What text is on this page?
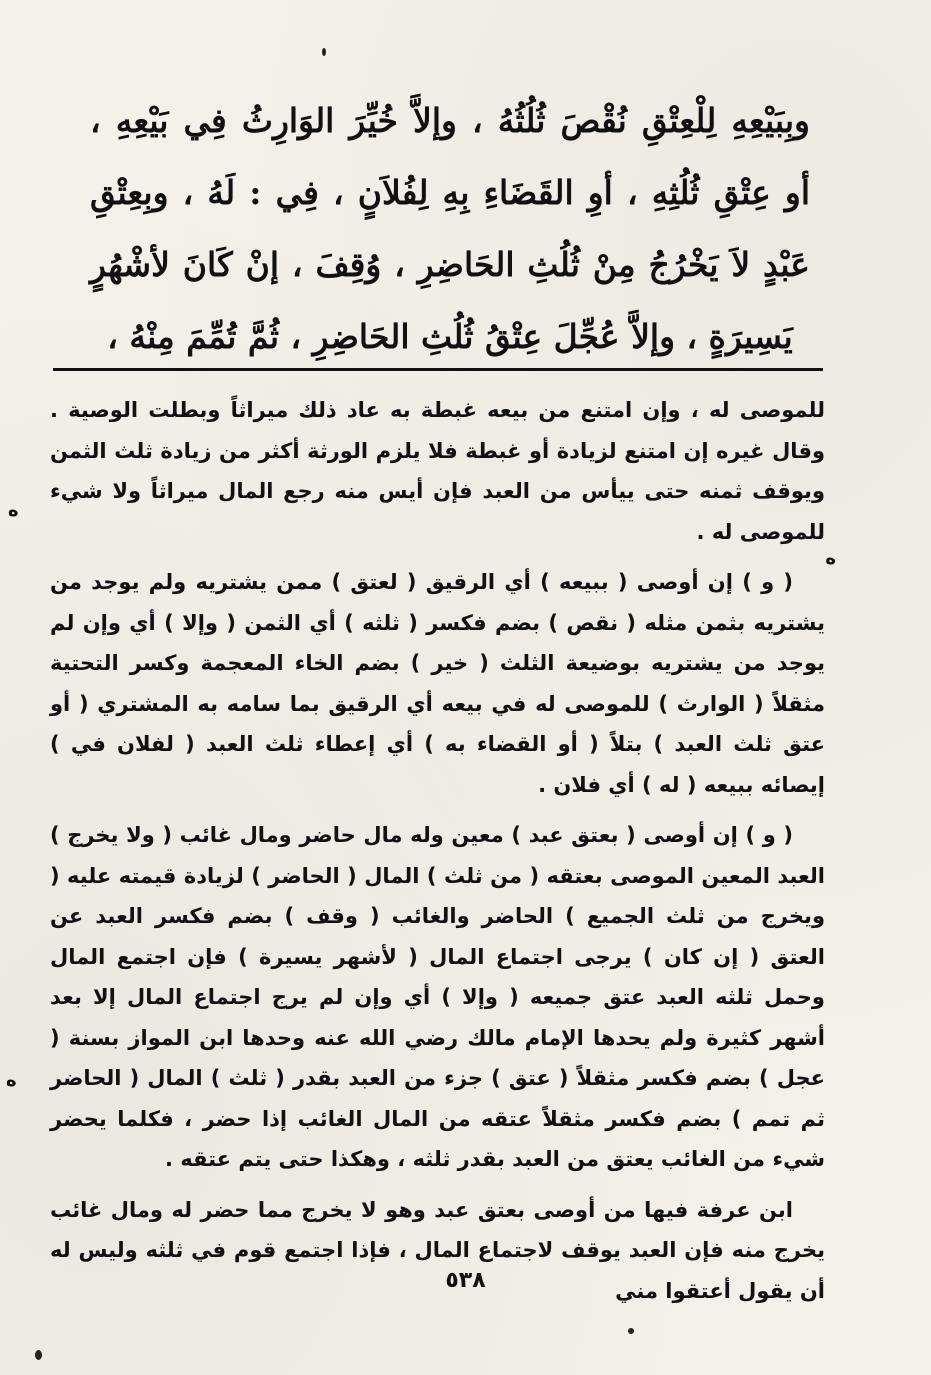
وبِبَيْعِهِ لِلْعِتْقِ نُقْصَ ثُلُثُهُ ، وإلاَّ خُيِّرَ الوَارِثُ فِي بَيْعِهِ ، أو عِتْقِ ثُلُثِهِ ، أوِ القَضَاءِ بِهِ لِفُلاَنٍ ، فِي : لَهُ ، وبِعِتْقِ عَبْدٍ لاَ يَخْرُجُ مِنْ ثُلُثِ الحَاضِرِ ، وُقِفَ ، إنْ كَانَ لأشْهُرٍ يَسِيرَةٍ ، وإلاَّ عُجِّلَ عِتْقُ ثُلُثِ الحَاضِرِ ، ثُمَّ تُمِّمَ مِنْهُ ،

للموصى له ، وإن امتنع من بيعه غبطة به عاد ذلك ميراثاً وبطلت الوصية . وقال غيره إن امتنع لزيادة أو غبطة فلا يلزم الورثة أكثر من زيادة ثلث الثمن ويوقف ثمنه حتى ييأس من العبد فإن أيس منه رجع المال ميراثاً ولا شيء للموصى له .

( و ) إن أوصى ( ببيعه ) أي الرقيق ( لعتق ) ممن يشتريه ولم يوجد من يشتريه بثمن مثله ( نقص ) بضم فكسر ( ثلثه ) أي الثمن ( وإلا ) أي وإن لم يوجد من يشتريه بوضيعة الثلث ( خير ) بضم الخاء المعجمة وكسر التحتية مثقلاً ( الوارث ) للموصى له في بيعه أي الرقيق بما سامه به المشتري ( أو عتق ثلث العبد ) بتلاً ( أو القضاء به ) أي إعطاء ثلث العبد ( لفلان في ) إيصائه ببيعه ( له ) أي فلان .

( و ) إن أوصى ( بعتق عبد ) معين وله مال حاضر ومال غائب ( ولا يخرج ) العبد المعين الموصى بعتقه ( من ثلث ) المال ( الحاضر ) لزيادة قيمته عليه ( ويخرج من ثلث الجميع ) الحاضر والغائب ( وقف ) بضم فكسر العبد عن العتق ( إن كان ) يرجى اجتماع المال ( لأشهر يسيرة ) فإن اجتمع المال وحمل ثلثه العبد عتق جميعه ( وإلا ) أي وإن لم يرج اجتماع المال إلا بعد أشهر كثيرة ولم يحدها الإمام مالك رضي الله عنه وحدها ابن المواز بسنة ( عجل ) بضم فكسر مثقلاً ( عتق ) جزء من العبد بقدر ( ثلث ) المال ( الحاضر ثم تمم ) بضم فكسر مثقلاً عتقه من المال الغائب إذا حضر ، فكلما يحضر شيء من الغائب يعتق من العبد بقدر ثلثه ، وهكذا حتى يتم عتقه .

ابن عرفة فيها من أوصى بعتق عبد وهو لا يخرج مما حضر له ومال غائب يخرج منه فإن العبد يوقف لاجتماع المال ، فإذا اجتمع قوم في ثلثه وليس له أن يقول أعتقوا مني

ه
ه
ه
٥٣٨
